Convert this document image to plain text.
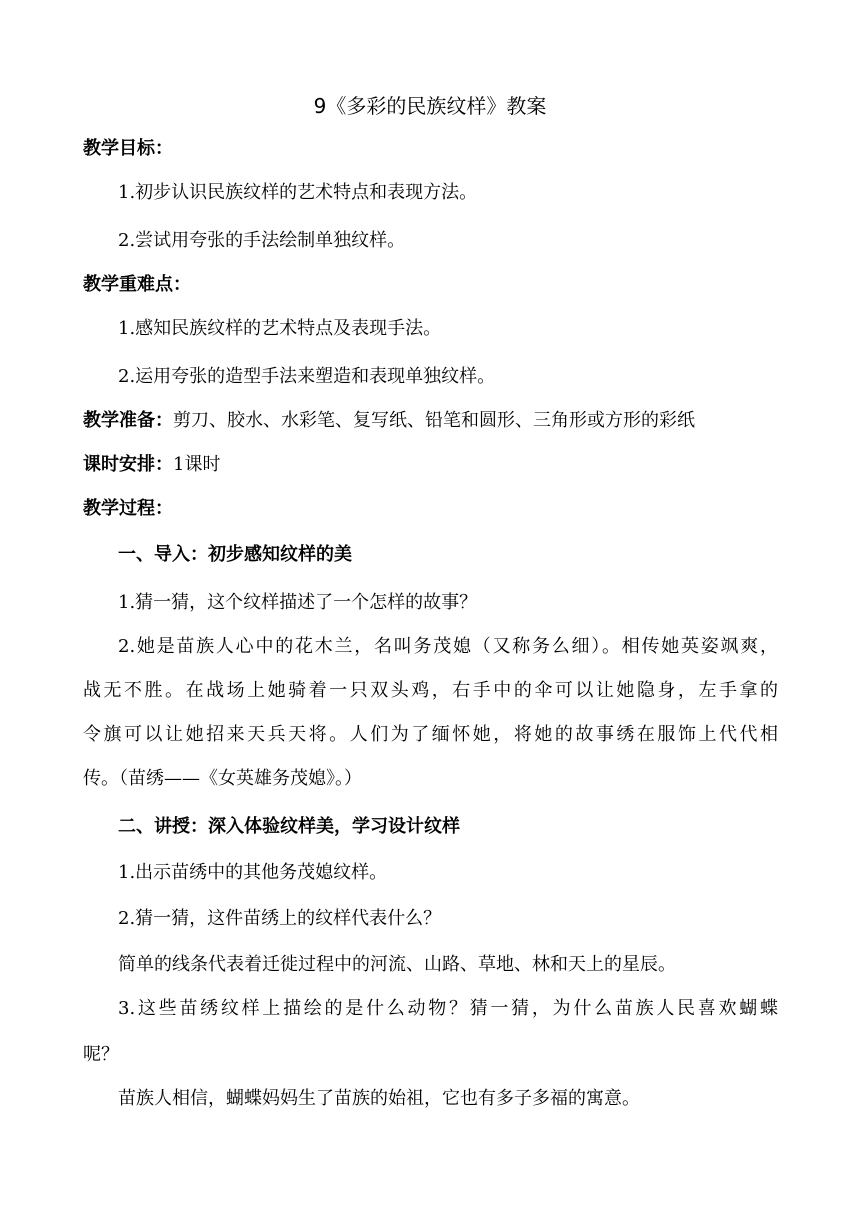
9《多彩的民族纹样》教案
教学目标：
1.初步认识民族纹样的艺术特点和表现方法。
2.尝试用夸张的手法绘制单独纹样。
教学重难点：
1.感知民族纹样的艺术特点及表现手法。
2.运用夸张的造型手法来塑造和表现单独纹样。
教学准备：剪刀、胶水、水彩笔、复写纸、铅笔和圆形、三角形或方形的彩纸
课时安排：1课时
教学过程：
一、导入：初步感知纹样的美
1.猜一猜，这个纹样描述了一个怎样的故事？
2.她是苗族人心中的花木兰，名叫务茂媳（又称务么细）。相传她英姿飒爽，
战无不胜。在战场上她骑着一只双头鸡，右手中的伞可以让她隐身，左手拿的
令旗可以让她招来天兵天将。人们为了缅怀她，将她的故事绣在服饰上代代相
传。（苗绣——《女英雄务茂媳》。）
二、讲授：深入体验纹样美，学习设计纹样
1.出示苗绣中的其他务茂媳纹样。
2.猜一猜，这件苗绣上的纹样代表什么？
简单的线条代表着迁徙过程中的河流、山路、草地、林和天上的星辰。
3.这些苗绣纹样上描绘的是什么动物？猜一猜，为什么苗族人民喜欢蝴蝶
呢？
苗族人相信，蝴蝶妈妈生了苗族的始祖，它也有多子多福的寓意。
